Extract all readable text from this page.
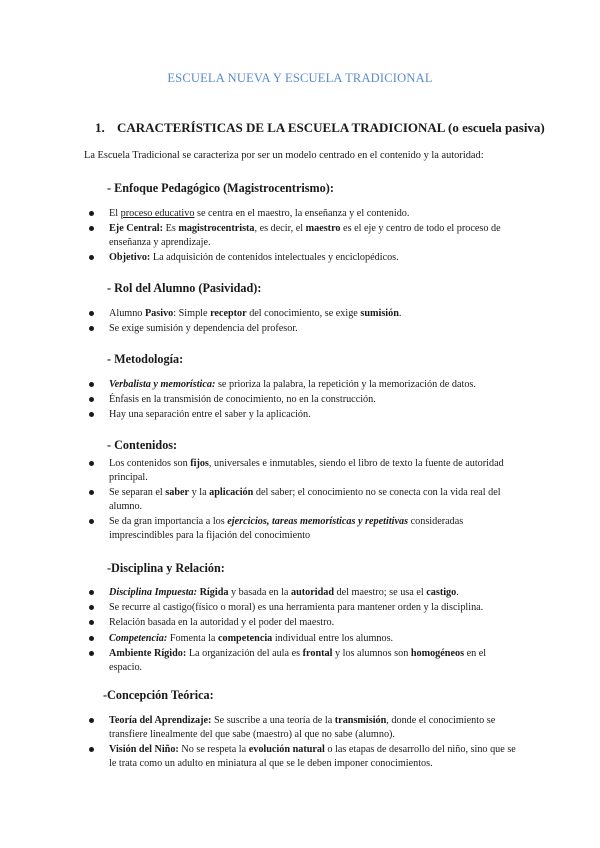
ESCUELA NUEVA Y ESCUELA TRADICIONAL
1. CARACTERÍSTICAS DE LA ESCUELA TRADICIONAL (o escuela pasiva)
La Escuela Tradicional se caracteriza por ser un modelo centrado en el contenido y la autoridad:
- Enfoque Pedagógico (Magistrocentrismo):
El proceso educativo se centra en el maestro, la enseñanza y el contenido.
Eje Central: Es magistrocentrista, es decir, el maestro es el eje y centro de todo el proceso de enseñanza y aprendizaje.
Objetivo: La adquisición de contenidos intelectuales y enciclopédicos.
- Rol del Alumno (Pasividad):
Alumno Pasivo: Simple receptor del conocimiento, se exige sumisión.
Se exige sumisión y dependencia del profesor.
- Metodología:
Verbalista y memorística: se prioriza la palabra, la repetición y la memorización de datos.
Énfasis en la transmisión de conocimiento, no en la construcción.
Hay una separación entre el saber y la aplicación.
- Contenidos:
Los contenidos son fijos, universales e inmutables, siendo el libro de texto la fuente de autoridad principal.
Se separan el saber y la aplicación del saber; el conocimiento no se conecta con la vida real del alumno.
Se da gran importancia a los ejercicios, tareas memorísticas y repetitivas consideradas imprescindibles para la fijación del conocimiento
-Disciplina y Relación:
Disciplina Impuesta: Rígida y basada en la autoridad del maestro; se usa el castigo.
Se recurre al castigo(físico o moral) es una herramienta para mantener orden y la disciplina.
Relación basada en la autoridad y el poder del maestro.
Competencia: Fomenta la competencia individual entre los alumnos.
Ambiente Rígido: La organización del aula es frontal y los alumnos son homogéneos en el espacio.
-Concepción Teórica:
Teoría del Aprendizaje: Se suscribe a una teoría de la transmisión, donde el conocimiento se transfiere linealmente del que sabe (maestro) al que no sabe (alumno).
Visión del Niño: No se respeta la evolución natural o las etapas de desarrollo del niño, sino que se le trata como un adulto en miniatura al que se le deben imponer conocimientos.
